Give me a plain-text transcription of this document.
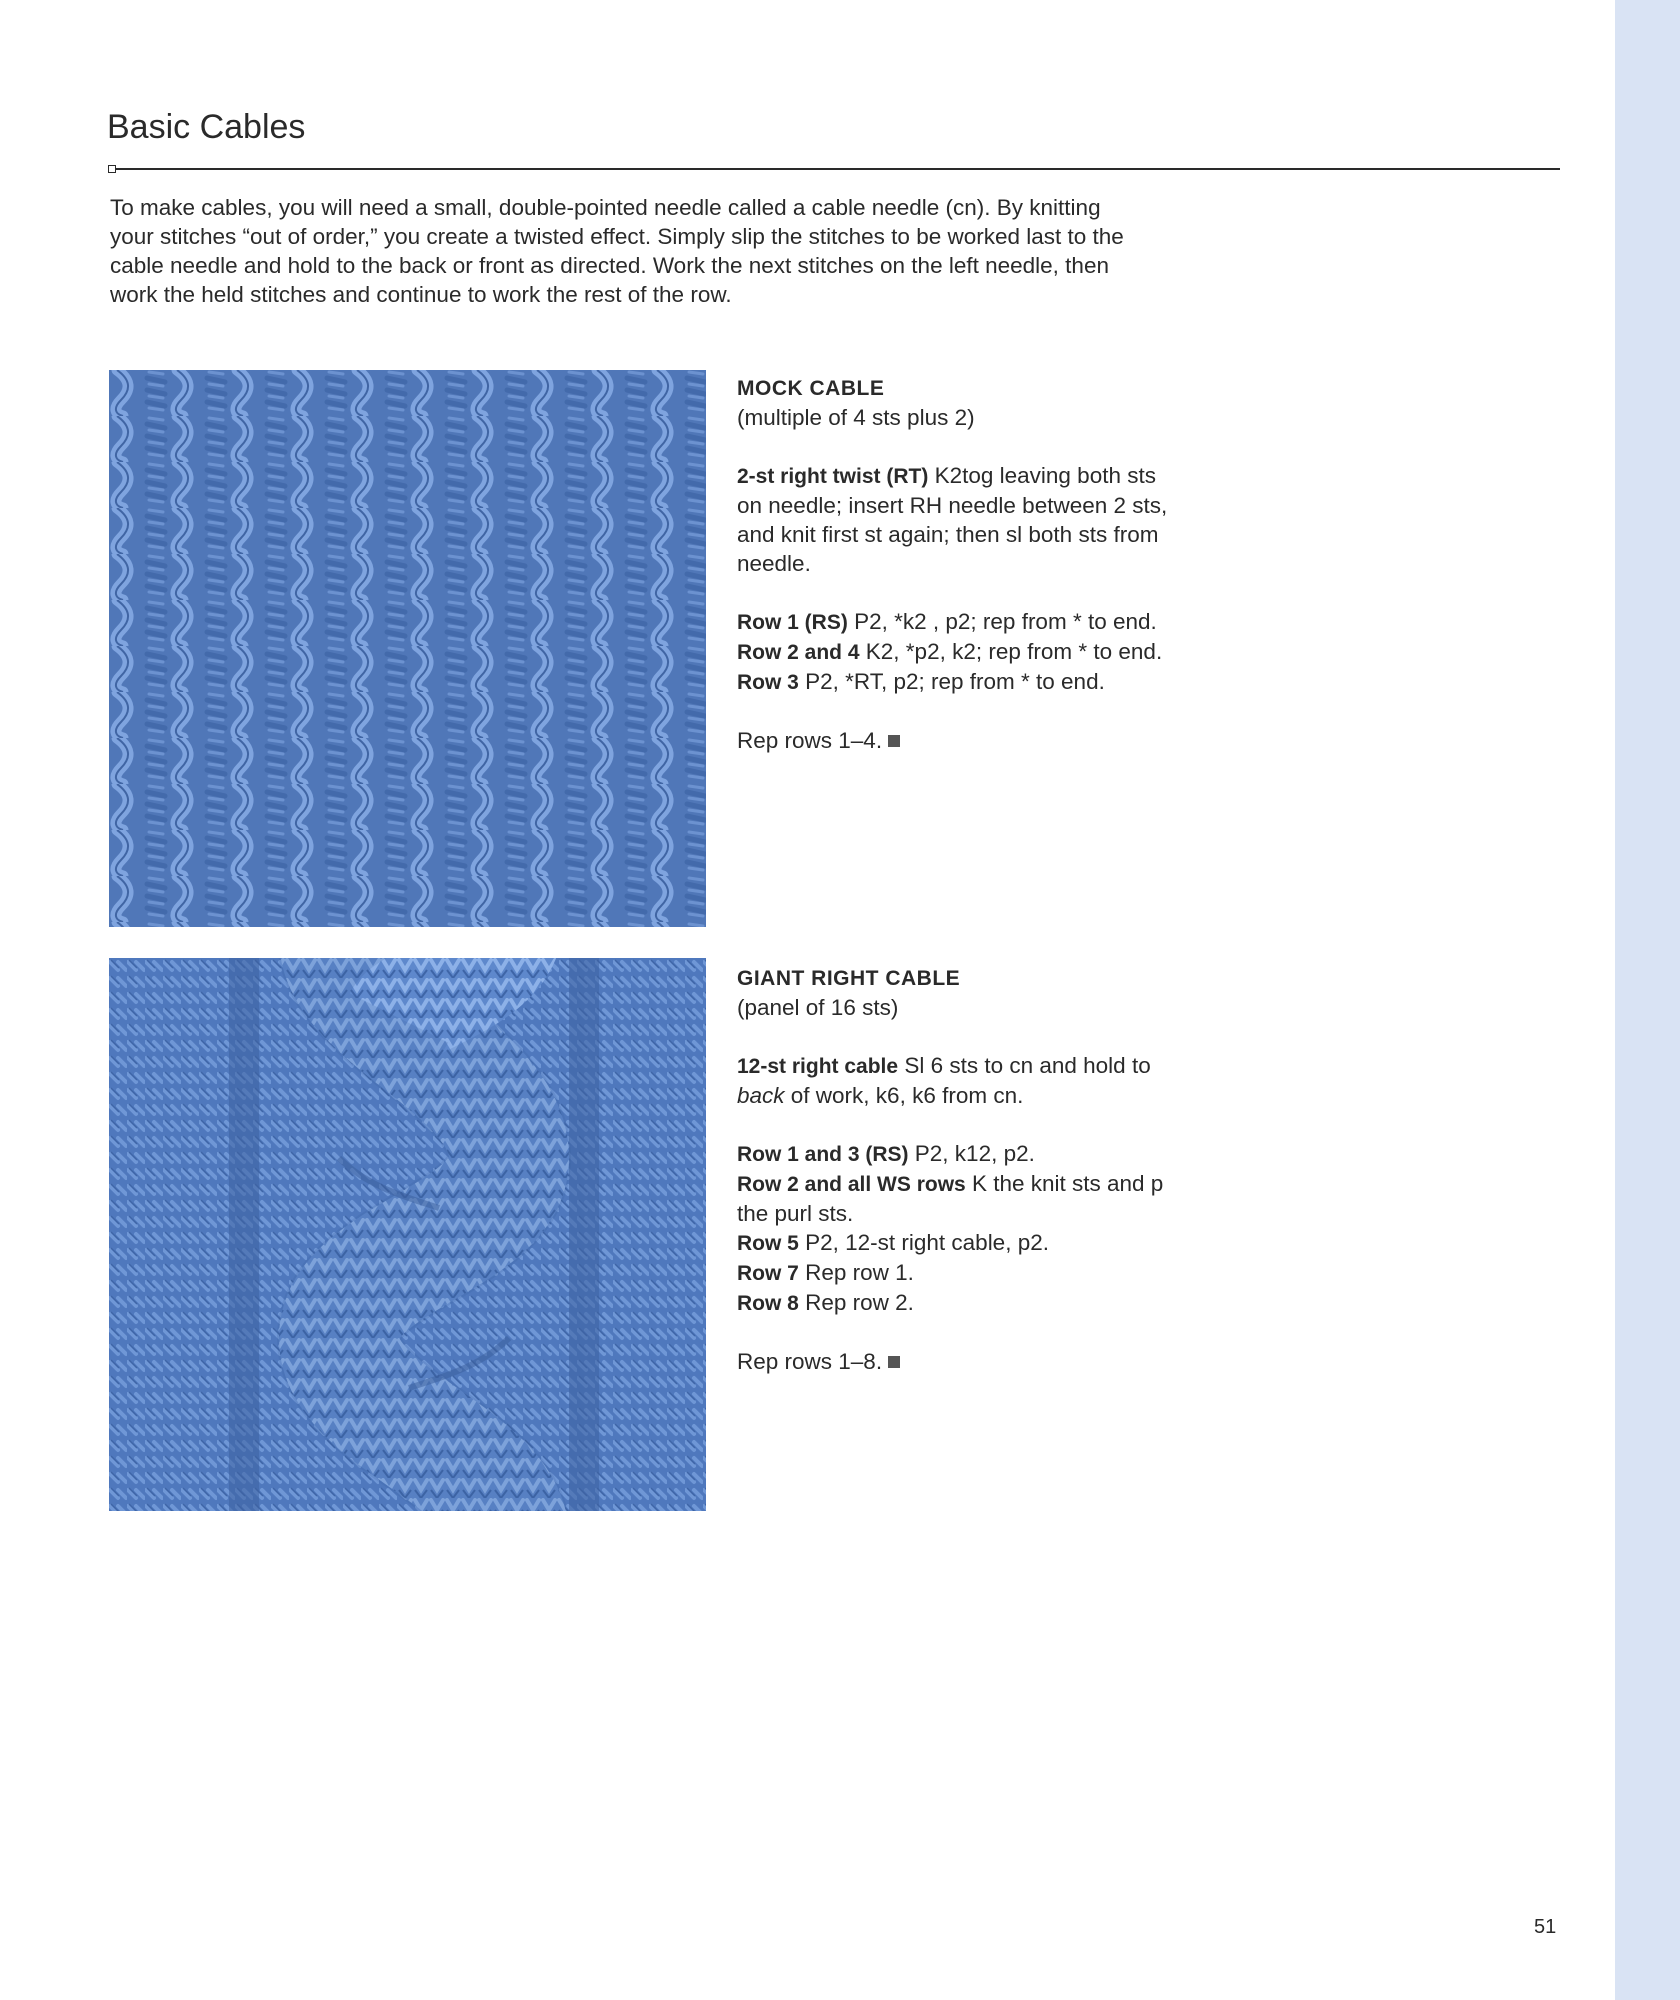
Basic Cables

To make cables, you will need a small, double-pointed needle called a cable needle (cn). By knitting your stitches “out of order,” you create a twisted effect. Simply slip the stitches to be worked last to the cable needle and hold to the back or front as directed. Work the next stitches on the left needle, then work the held stitches and continue to work the rest of the row.

MOCK CABLE

(multiple of 4 sts plus 2)

2-st right twist (RT) K2tog leaving both sts on needle; insert RH needle between 2 sts, and knit first st again; then sl both sts from needle.

Row 1 (RS) P2, *k2 , p2; rep from * to end.

Row 2 and 4 K2, *p2, k2; rep from * to end.

Row 3 P2, *RT, p2; rep from * to end.

Rep rows 1–4.

GIANT RIGHT CABLE

(panel of 16 sts)

12-st right cable Sl 6 sts to cn and hold to back of work, k6, k6 from cn.

Row 1 and 3 (RS) P2, k12, p2.

Row 2 and all WS rows K the knit sts and p the purl sts.

Row 5 P2, 12-st right cable, p2.

Row 7 Rep row 1.

Row 8 Rep row 2.

Rep rows 1–8.

51
